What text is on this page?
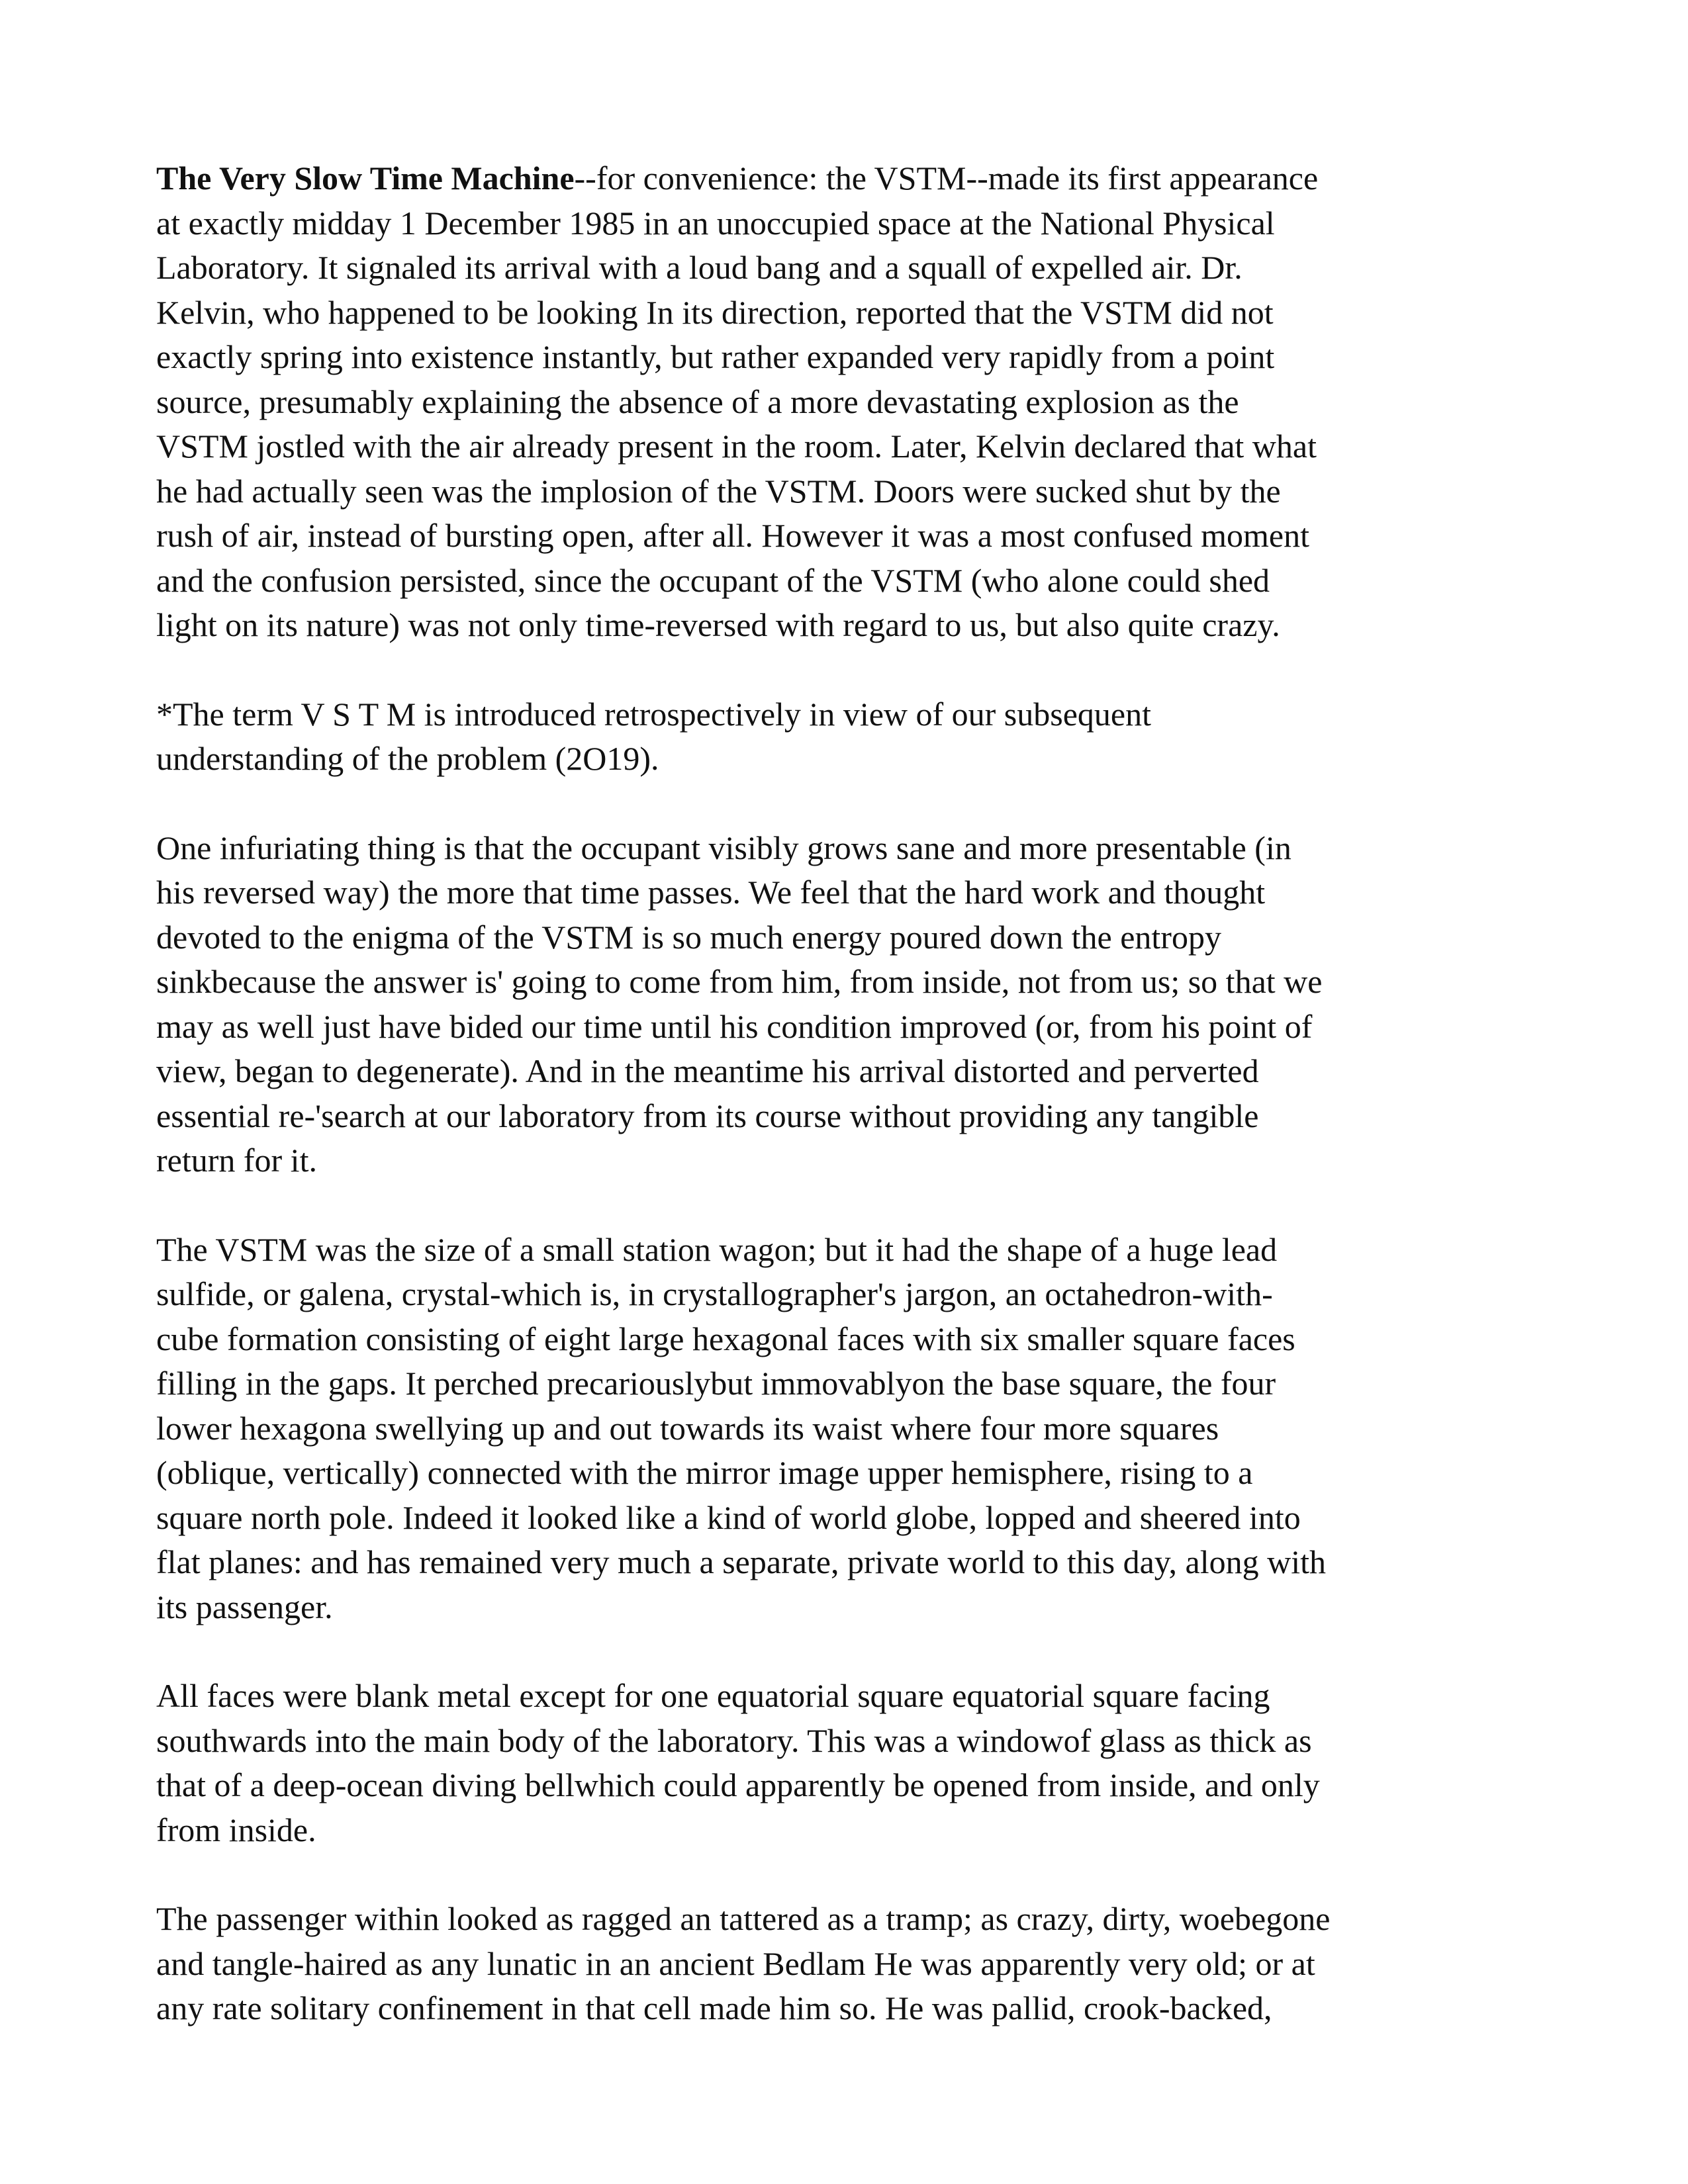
The Very Slow Time Machine--for convenience: the VSTM--made its first appearance
at exactly midday 1 December 1985 in an unoccupied space at the National Physical
Laboratory. It signaled its arrival with a loud bang and a squall of expelled air. Dr.
Kelvin, who happened to be looking In its direction, reported that the VSTM did not
exactly spring into existence instantly, but rather expanded very rapidly from a point
source, presumably explaining the absence of a more devastating explosion as the
VSTM jostled with the air already present in the room. Later, Kelvin declared that what
he had actually seen was the implosion of the VSTM. Doors were sucked shut by the
rush of air, instead of bursting open, after all. However it was a most confused moment
and the confusion persisted, since the occupant of the VSTM (who alone could shed
light on its nature) was not only time-reversed with regard to us, but also quite crazy.

*The term V S T M is introduced retrospectively in view of our subsequent
understanding of the problem (2O19).

One infuriating thing is that the occupant visibly grows sane and more presentable (in
his reversed way) the more that time passes. We feel that the hard work and thought
devoted to the enigma of the VSTM is so much energy poured down the entropy
sinkbecause the answer is' going to come from him, from inside, not from us; so that we
may as well just have bided our time until his condition improved (or, from his point of
view, began to degenerate). And in the meantime his arrival distorted and perverted
essential re-'search at our laboratory from its course without providing any tangible
return for it.

The VSTM was the size of a small station wagon; but it had the shape of a huge lead
sulfide, or galena, crystal-which is, in crystallographer's jargon, an octahedron-with-
cube formation consisting of eight large hexagonal faces with six smaller square faces
filling in the gaps. It perched precariouslybut immovablyon the base square, the four
lower hexagona swellying up and out towards its waist where four more squares
(oblique, vertically) connected with the mirror image upper hemisphere, rising to a
square north pole. Indeed it looked like a kind of world globe, lopped and sheered into
flat planes: and has remained very much a separate, private world to this day, along with
its passenger.

All faces were blank metal except for one equatorial square equatorial square facing
southwards into the main body of the laboratory. This was a windowof glass as thick as
that of a deep-ocean diving bellwhich could apparently be opened from inside, and only
from inside.

The passenger within looked as ragged an tattered as a tramp; as crazy, dirty, woebegone
and tangle-haired as any lunatic in an ancient Bedlam He was apparently very old; or at
any rate solitary confinement in that cell made him so. He was pallid, crook-backed,
